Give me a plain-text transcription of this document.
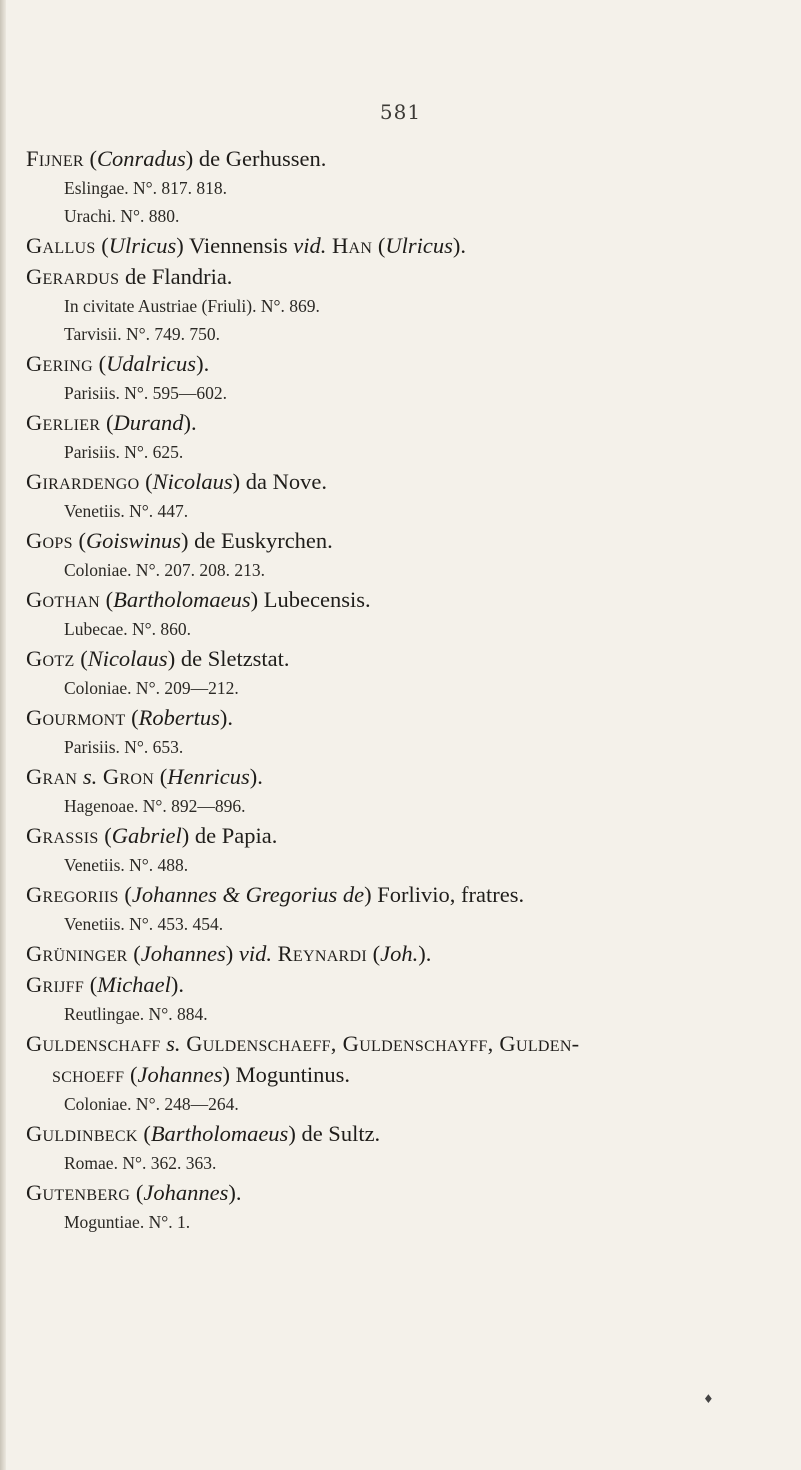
581
Fijner (Conradus) de Gerhussen.
Eslingae. N°. 817. 818.
Urachi. N°. 880.
Gallus (Ulricus) Viennensis vid. Han (Ulricus).
Gerardus de Flandria.
In civitate Austriae (Friuli). N°. 869.
Tarvisii. N°. 749. 750.
Gering (Udalricus).
Parisiis. N°. 595—602.
Gerlier (Durand).
Parisiis. N°. 625.
Girardengo (Nicolaus) da Nove.
Venetiis. N°. 447.
Gops (Goiswinus) de Euskyrchen.
Coloniae. N°. 207. 208. 213.
Gothan (Bartholomaeus) Lubecensis.
Lubecae. N°. 860.
Gotz (Nicolaus) de Sletzstat.
Coloniae. N°. 209—212.
Gourmont (Robertus).
Parisiis. N°. 653.
Gran s. Gron (Henricus).
Hagenoae. N°. 892—896.
Grassis (Gabriel) de Papia.
Venetiis. N°. 488.
Gregoriis (Johannes & Gregorius de) Forlivio, fratres.
Venetiis. N°. 453. 454.
Grüninger (Johannes) vid. Reynardi (Joh.).
Grijff (Michael).
Reutlingae. N°. 884.
Guldenschaff s. Guldenschaeff, Guldenschayff, Gulden-
schoeff (Johannes) Moguntinus.
Coloniae. N°. 248—264.
Guldinbeck (Bartholomaeus) de Sultz.
Romae. N°. 362. 363.
Gutenberg (Johannes).
Moguntiae. N°. 1.
♦
